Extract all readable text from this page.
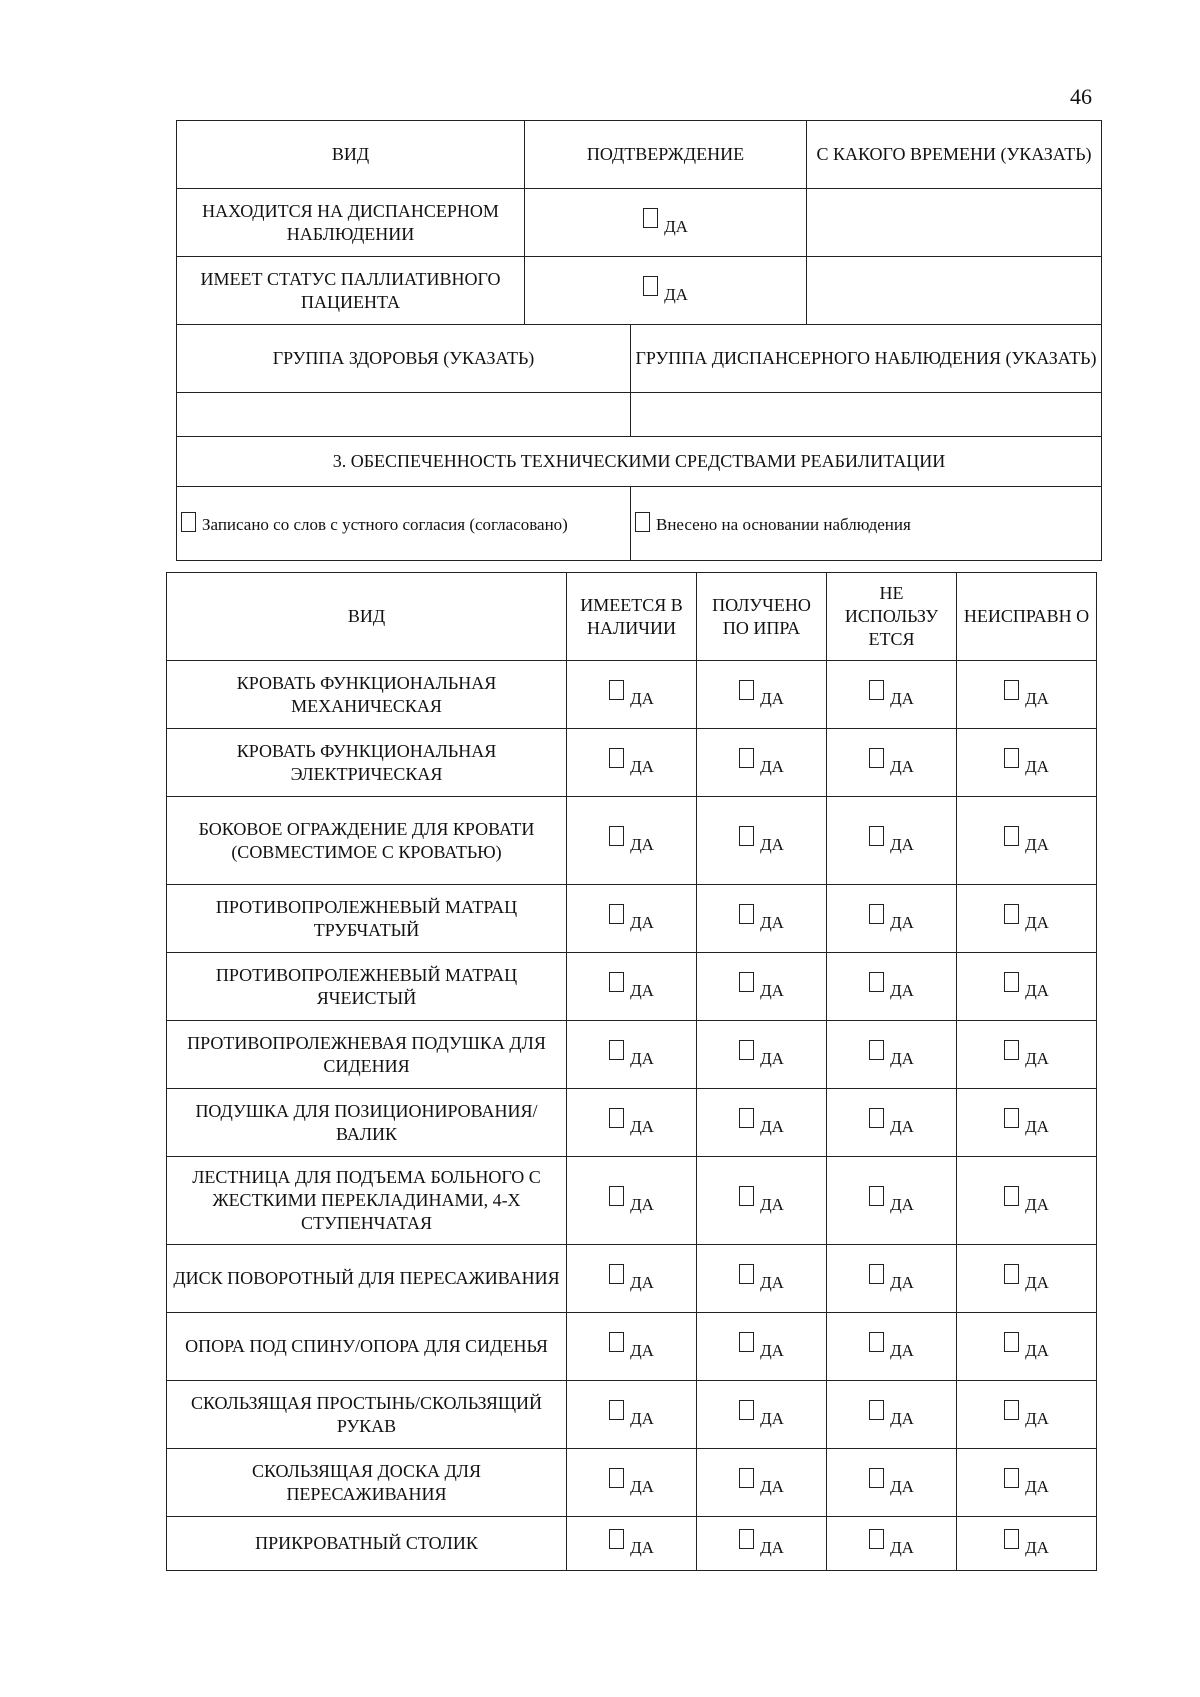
46
ВИД	ПОДТВЕРЖДЕНИЕ		С КАКОГО ВРЕМЕНИ (УКАЗАТЬ)
НАХОДИТСЯ НА ДИСПАНСЕРНОМ НАБЛЮДЕНИИ	ДА		
ИМЕЕТ СТАТУС ПАЛЛИАТИВНОГО ПАЦИЕНТА	ДА		
ГРУППА ЗДОРОВЬЯ (УКАЗАТЬ)		ГРУППА ДИСПАНСЕРНОГО НАБЛЮДЕНИЯ (УКАЗАТЬ)	

3. ОБЕСПЕЧЕННОСТЬ ТЕХНИЧЕСКИМИ СРЕДСТВАМИ РЕАБИЛИТАЦИИ			
Записано со слов с устного согласия (согласовано)		Внесено на основании наблюдения	
ВИД	ИМЕЕТСЯ В НАЛИЧИИ	ПОЛУЧЕНО ПО ИПРА	НЕ ИСПОЛЬЗУ ЕТСЯ	НЕИСПРАВН О
КРОВАТЬ ФУНКЦИОНАЛЬНАЯ МЕХАНИЧЕСКАЯ	ДА	ДА	ДА	ДА
КРОВАТЬ ФУНКЦИОНАЛЬНАЯ ЭЛЕКТРИЧЕСКАЯ	ДА	ДА	ДА	ДА
БОКОВОЕ ОГРАЖДЕНИЕ ДЛЯ КРОВАТИ (СОВМЕСТИМОЕ С КРОВАТЬЮ)	ДА	ДА	ДА	ДА
ПРОТИВОПРОЛЕЖНЕВЫЙ МАТРАЦ ТРУБЧАТЫЙ	ДА	ДА	ДА	ДА
ПРОТИВОПРОЛЕЖНЕВЫЙ МАТРАЦ ЯЧЕИСТЫЙ	ДА	ДА	ДА	ДА
ПРОТИВОПРОЛЕЖНЕВАЯ ПОДУШКА ДЛЯ СИДЕНИЯ	ДА	ДА	ДА	ДА
ПОДУШКА ДЛЯ ПОЗИЦИОНИРОВАНИЯ/ВАЛИК	ДА	ДА	ДА	ДА
ЛЕСТНИЦА ДЛЯ ПОДЪЕМА БОЛЬНОГО С ЖЕСТКИМИ ПЕРЕКЛАДИНАМИ, 4-Х СТУПЕНЧАТАЯ	ДА	ДА	ДА	ДА
ДИСК ПОВОРОТНЫЙ ДЛЯ ПЕРЕСАЖИВАНИЯ	ДА	ДА	ДА	ДА
ОПОРА ПОД СПИНУ/ОПОРА ДЛЯ СИДЕНЬЯ	ДА	ДА	ДА	ДА
СКОЛЬЗЯЩАЯ ПРОСТЫНЬ/СКОЛЬЗЯЩИЙ РУКАВ	ДА	ДА	ДА	ДА
СКОЛЬЗЯЩАЯ ДОСКА ДЛЯ ПЕРЕСАЖИВАНИЯ	ДА	ДА	ДА	ДА
ПРИКРОВАТНЫЙ СТОЛИК	ДА	ДА	ДА	ДА
